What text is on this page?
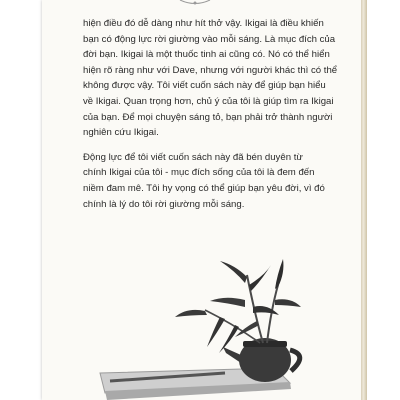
hiện điều đó dễ dàng như hít thở vậy. Ikigai là điều khiến
bạn có động lực rời giường vào mỗi sáng. Là mục đích của
đời bạn. Ikigai là một thuốc tinh ai cũng có. Nó có thể hiển
hiện rõ ràng như với Dave, nhưng với người khác thì có thể
không được vậy. Tôi viết cuốn sách này để giúp bạn hiểu
về Ikigai. Quan trọng hơn, chủ ý của tôi là giúp tìm ra Ikigai
của bạn. Để mọi chuyện sáng tỏ, bạn phải trở thành người
nghiên cứu Ikigai.
Động lực để tôi viết cuốn sách này đã bén duyên từ
chính Ikigai của tôi - mục đích sống của tôi là đem đến
niềm đam mê. Tôi hy vọng có thể giúp bạn yêu đời, vì đó
chính là lý do tôi rời giường mỗi sáng.
